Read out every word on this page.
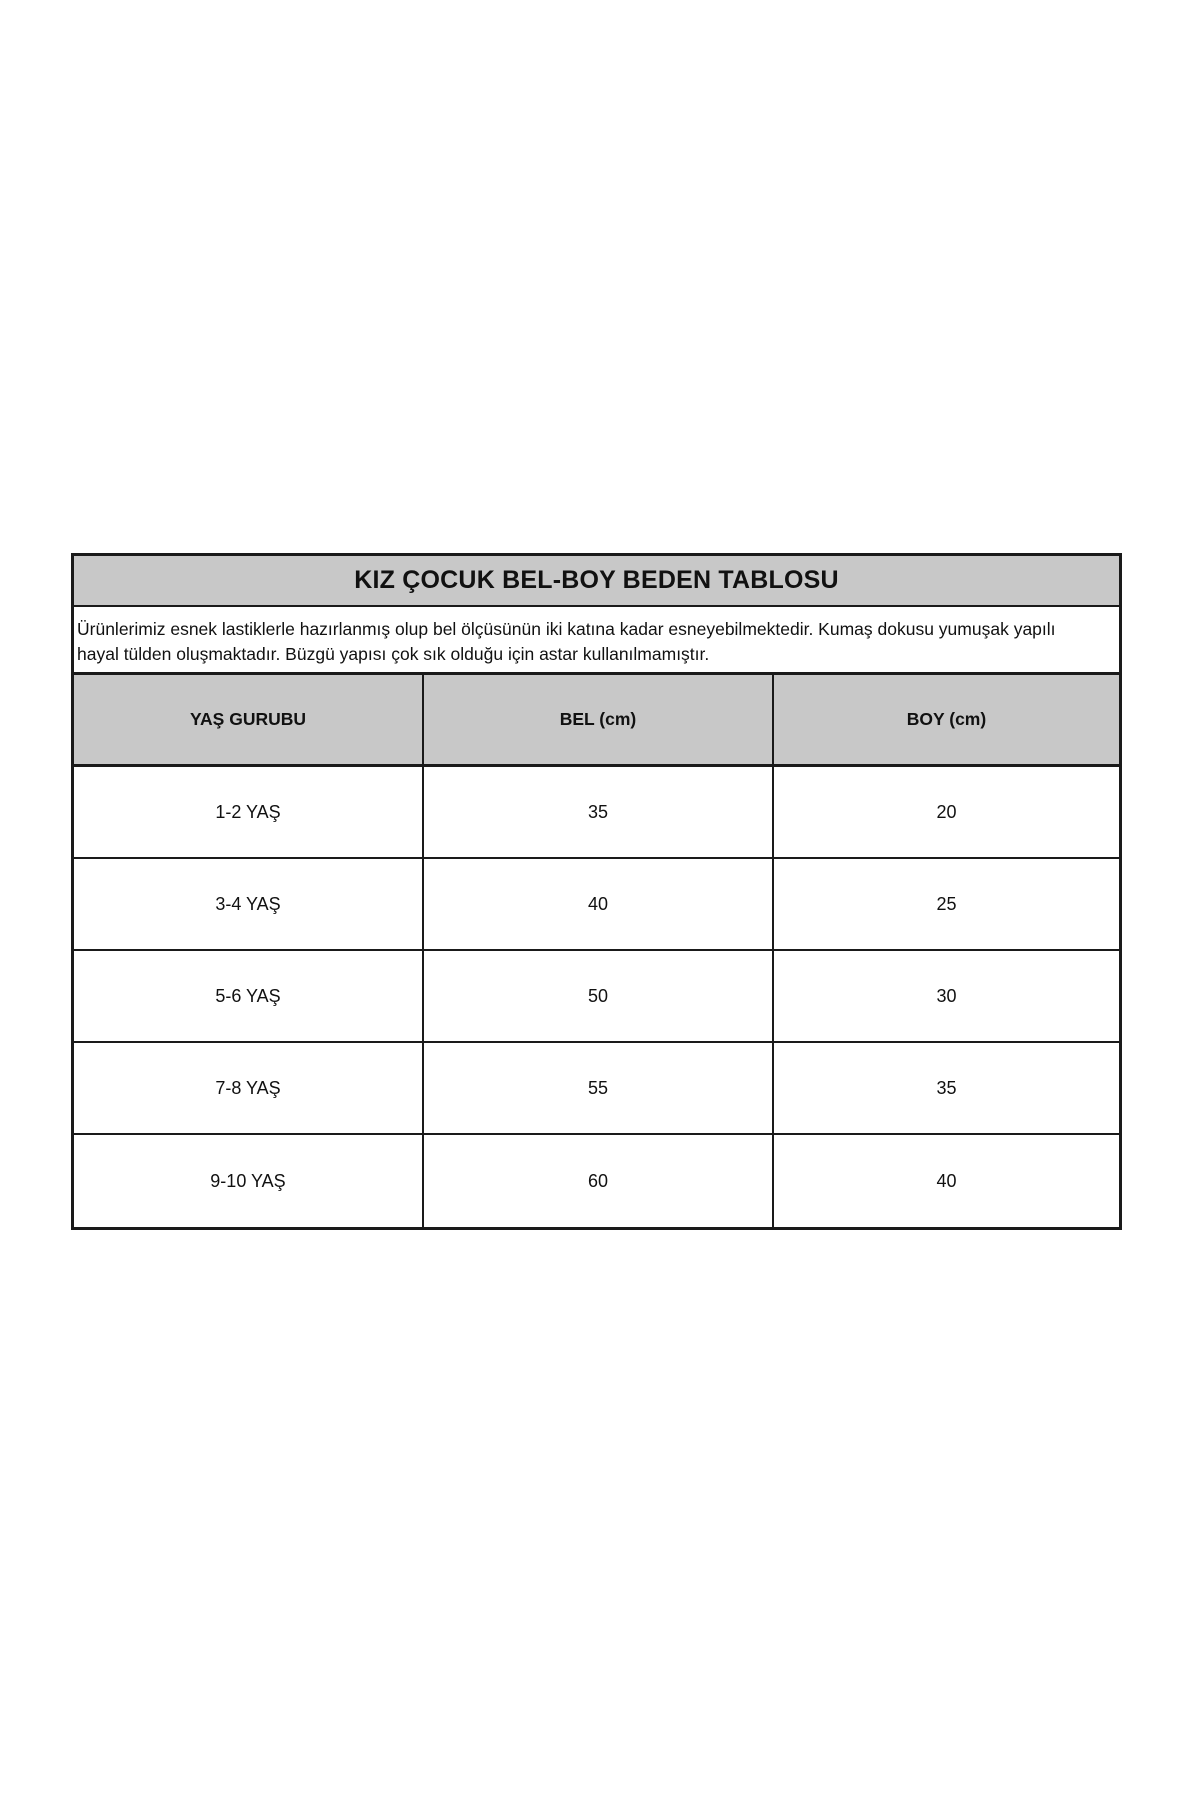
KIZ ÇOCUK BEL-BOY BEDEN TABLOSU
Ürünlerimiz esnek lastiklerle hazırlanmış olup bel ölçüsünün iki katına kadar esneyebilmektedir. Kumaş dokusu yumuşak yapılı
hayal tülden oluşmaktadır. Büzgü yapısı çok sık olduğu için astar kullanılmamıştır.
YAŞ GURUBU	BEL (cm)	BOY (cm)
1-2 YAŞ	35	20
3-4 YAŞ	40	25
5-6 YAŞ	50	30
7-8 YAŞ	55	35
9-10 YAŞ	60	40
